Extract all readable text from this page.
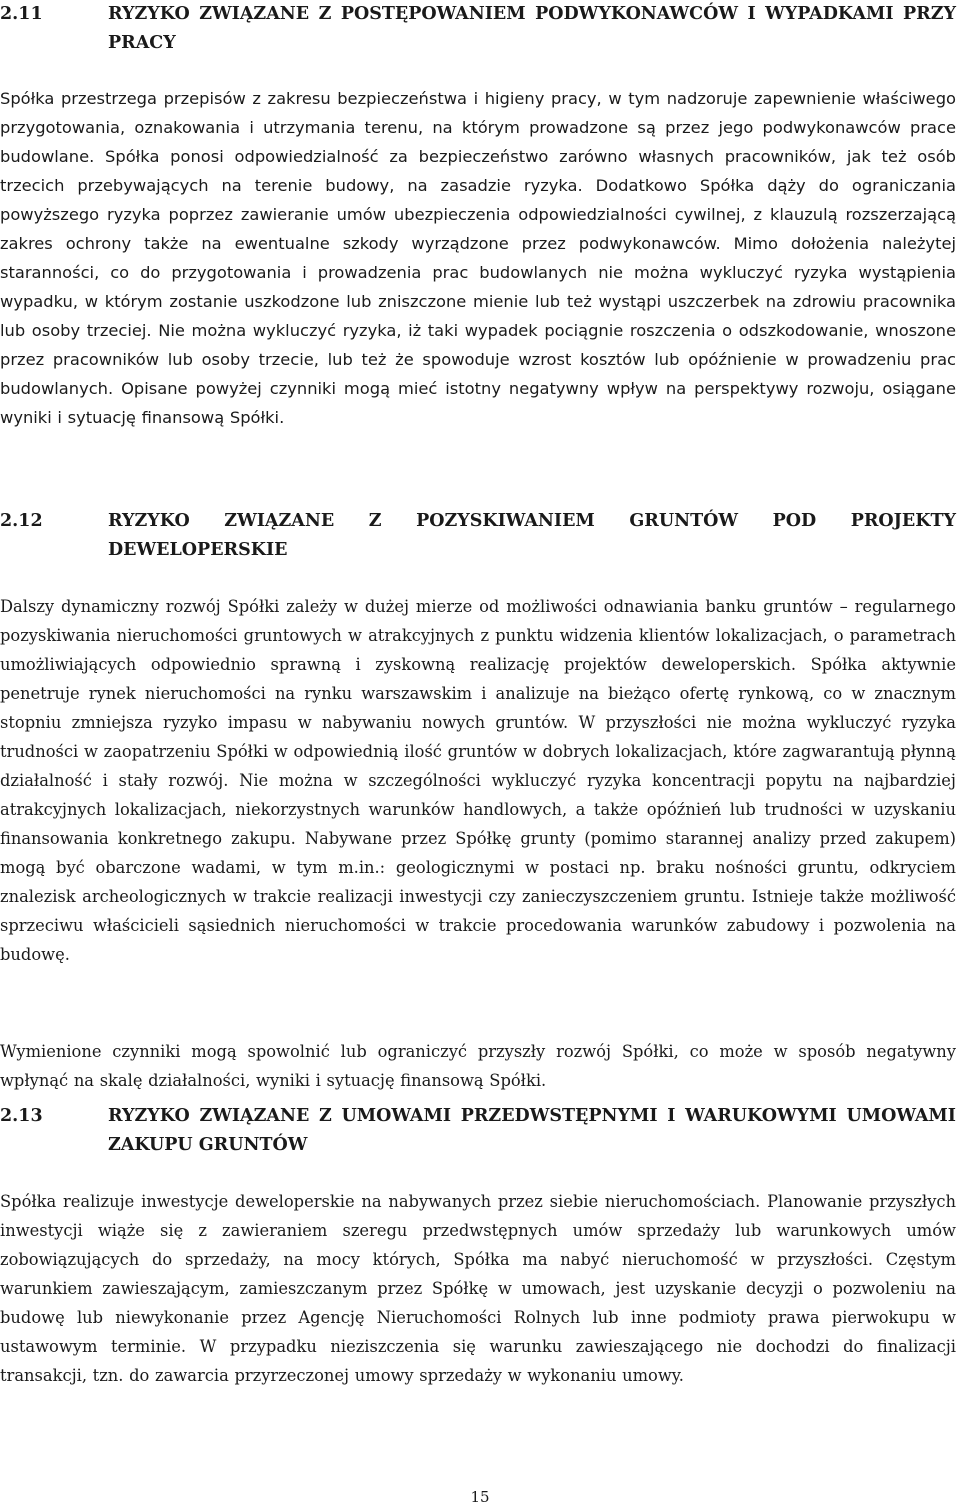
2.11	RYZYKO ZWIĄZANE Z POSTĘPOWANIEM PODWYKONAWCÓW I WYPADKAMI PRZY PRACY

Spółka przestrzega przepisów z zakresu bezpieczeństwa i higieny pracy, w tym nadzoruje zapewnienie właściwego przygotowania, oznakowania i utrzymania terenu, na którym prowadzone są przez jego podwykonawców prace budowlane. Spółka ponosi odpowiedzialność za bezpieczeństwo zarówno własnych pracowników, jak też osób trzecich przebywających na terenie budowy, na zasadzie ryzyka. Dodatkowo Spółka dąży do ograniczania powyższego ryzyka poprzez zawieranie umów ubezpieczenia odpowiedzialności cywilnej, z klauzulą rozszerzającą zakres ochrony także na ewentualne szkody wyrządzone przez podwykonawców. Mimo dołożenia należytej staranności, co do przygotowania i prowadzenia prac budowlanych nie można wykluczyć ryzyka wystąpienia wypadku, w którym zostanie uszkodzone lub zniszczone mienie lub też wystąpi uszczerbek na zdrowiu pracownika lub osoby trzeciej. Nie można wykluczyć ryzyka, iż taki wypadek pociągnie roszczenia o odszkodowanie, wnoszone przez pracowników lub osoby trzecie, lub też że spowoduje wzrost kosztów lub opóźnienie w prowadzeniu prac budowlanych. Opisane powyżej czynniki mogą mieć istotny negatywny wpływ na perspektywy rozwoju, osiągane wyniki i sytuację finansową Spółki.

2.12	RYZYKO ZWIĄZANE Z POZYSKIWANIEM GRUNTÓW POD PROJEKTY DEWELOPERSKIE

Dalszy dynamiczny rozwój Spółki zależy w dużej mierze od możliwości odnawiania banku gruntów – regularnego pozyskiwania nieruchomości gruntowych w atrakcyjnych z punktu widzenia klientów lokalizacjach, o parametrach umożliwiających odpowiednio sprawną i zyskowną realizację projektów deweloperskich. Spółka aktywnie penetruje rynek nieruchomości na rynku warszawskim i analizuje na bieżąco ofertę rynkową, co w znacznym stopniu zmniejsza ryzyko impasu w nabywaniu nowych gruntów. W przyszłości nie można wykluczyć ryzyka trudności w zaopatrzeniu Spółki w odpowiednią ilość gruntów w dobrych lokalizacjach, które zagwarantują płynną działalność i stały rozwój. Nie można w szczególności wykluczyć ryzyka koncentracji popytu na najbardziej atrakcyjnych lokalizacjach, niekorzystnych warunków handlowych, a także opóźnień lub trudności w uzyskaniu finansowania konkretnego zakupu. Nabywane przez Spółkę grunty (pomimo starannej analizy przed zakupem) mogą być obarczone wadami, w tym m.in.: geologicznymi w postaci np. braku nośności gruntu, odkryciem znalezisk archeologicznych w trakcie realizacji inwestycji czy zanieczyszczeniem gruntu. Istnieje także możliwość sprzeciwu właścicieli sąsiednich nieruchomości w trakcie procedowania warunków zabudowy i pozwolenia na budowę.

Wymienione czynniki mogą spowolnić lub ograniczyć przyszły rozwój Spółki, co może w sposób negatywny wpłynąć na skalę działalności, wyniki i sytuację finansową Spółki.

2.13	RYZYKO ZWIĄZANE Z UMOWAMI PRZEDWSTĘPNYMI I WARUKOWYMI UMOWAMI ZAKUPU GRUNTÓW

Spółka realizuje inwestycje deweloperskie na nabywanych przez siebie nieruchomościach. Planowanie przyszłych inwestycji wiąże się z zawieraniem szeregu przedwstępnych umów sprzedaży lub warunkowych umów zobowiązujących do sprzedaży, na mocy których, Spółka ma nabyć nieruchomość w przyszłości. Częstym warunkiem zawieszającym, zamieszczanym przez Spółkę w umowach, jest uzyskanie decyzji o pozwoleniu na budowę lub niewykonanie przez Agencję Nieruchomości Rolnych lub inne podmioty prawa pierwokupu w ustawowym terminie. W przypadku nieziszczenia się warunku zawieszającego nie dochodzi do finalizacji transakcji, tzn. do zawarcia przyrzeczonej umowy sprzedaży w wykonaniu umowy.

15
